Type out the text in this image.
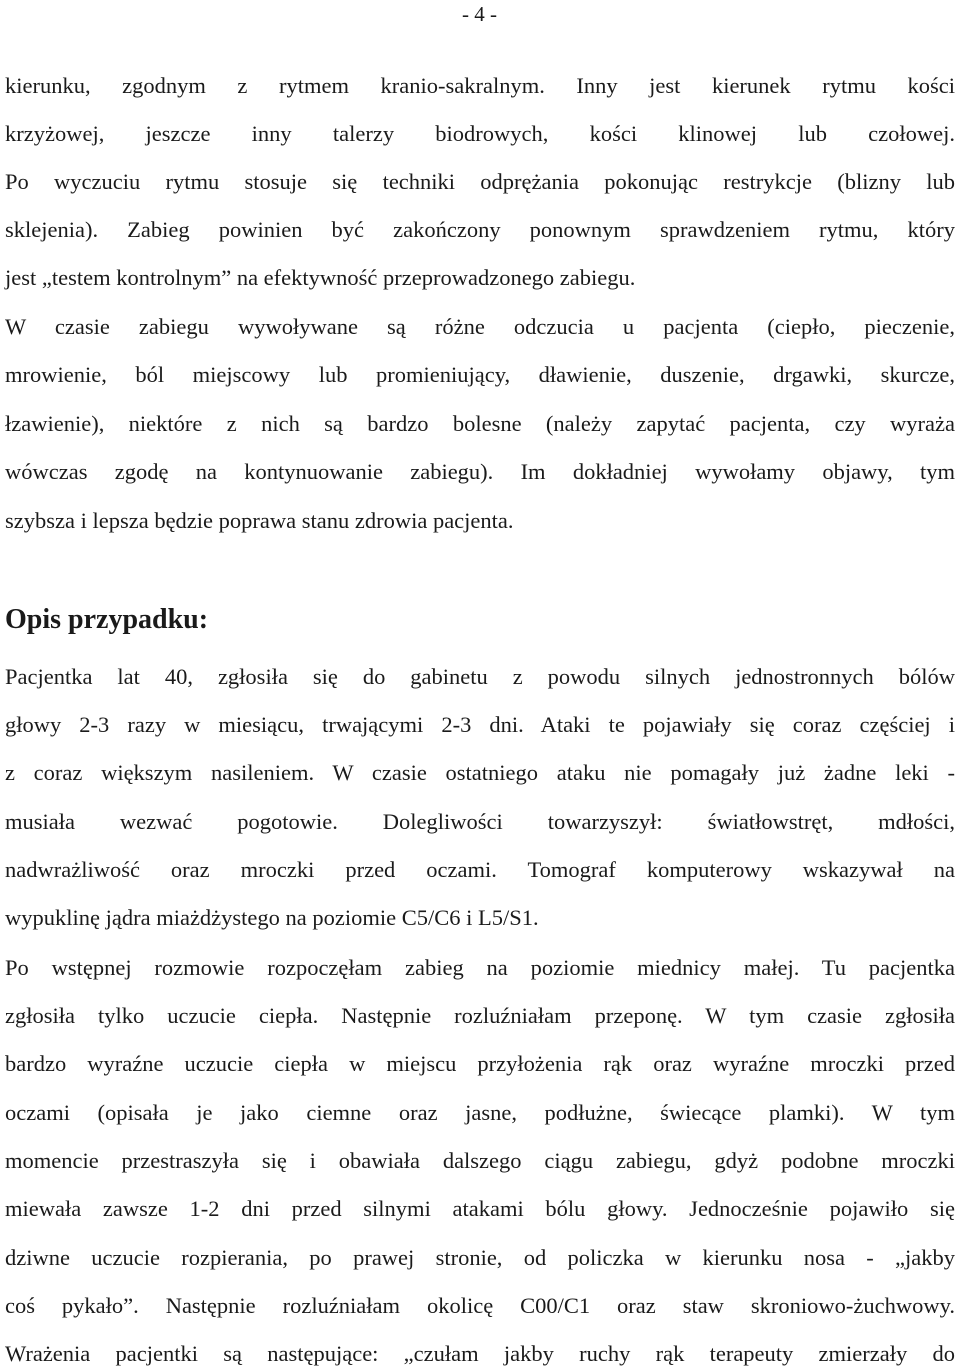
- 4 -
kierunku, zgodnym z rytmem kranio-sakralnym. Inny jest kierunek rytmu kości
krzyżowej, jeszcze inny talerzy biodrowych, kości klinowej lub czołowej.
Po wyczuciu rytmu stosuje się techniki odprężania pokonując restrykcje (blizny lub
sklejenia). Zabieg powinien być zakończony ponownym sprawdzeniem rytmu, który
jest „testem kontrolnym” na efektywność przeprowadzonego zabiegu.
W czasie zabiegu wywoływane są różne odczucia u pacjenta (ciepło, pieczenie,
mrowienie, ból miejscowy lub promieniujący, dławienie, duszenie, drgawki, skurcze,
łzawienie), niektóre z nich są bardzo bolesne (należy zapytać pacjenta, czy wyraża
wówczas zgodę na kontynuowanie zabiegu). Im dokładniej wywołamy objawy, tym
szybsza i lepsza będzie poprawa stanu zdrowia pacjenta.
Opis przypadku:
Pacjentka lat 40, zgłosiła się do gabinetu z powodu silnych jednostronnych bólów
głowy 2-3 razy w miesiącu, trwającymi 2-3 dni. Ataki te pojawiały się coraz częściej i
z coraz większym nasileniem. W czasie ostatniego ataku nie pomagały już żadne leki -
musiała wezwać pogotowie. Dolegliwości towarzyszył: światłowstręt, mdłości,
nadwrażliwość oraz mroczki przed oczami. Tomograf komputerowy wskazywał na
wypuklinę jądra miażdżystego na poziomie C5/C6 i L5/S1.
Po wstępnej rozmowie rozpoczęłam zabieg na poziomie miednicy małej. Tu pacjentka
zgłosiła tylko uczucie ciepła. Następnie rozluźniałam przeponę. W tym czasie zgłosiła
bardzo wyraźne uczucie ciepła w miejscu przyłożenia rąk oraz wyraźne mroczki przed
oczami (opisała je jako ciemne oraz jasne, podłużne, świecące plamki). W tym
momencie przestraszyła się i obawiała dalszego ciągu zabiegu, gdyż podobne mroczki
miewała zawsze 1-2 dni przed silnymi atakami bólu głowy. Jednocześnie pojawiło się
dziwne uczucie rozpierania, po prawej stronie, od policzka w kierunku nosa - „jakby
coś pykało”. Następnie rozluźniałam okolicę C00/C1 oraz staw skroniowo-żuchwowy.
Wrażenia pacjentki są następujące: „czułam jakby ruchy rąk terapeuty zmierzały do
